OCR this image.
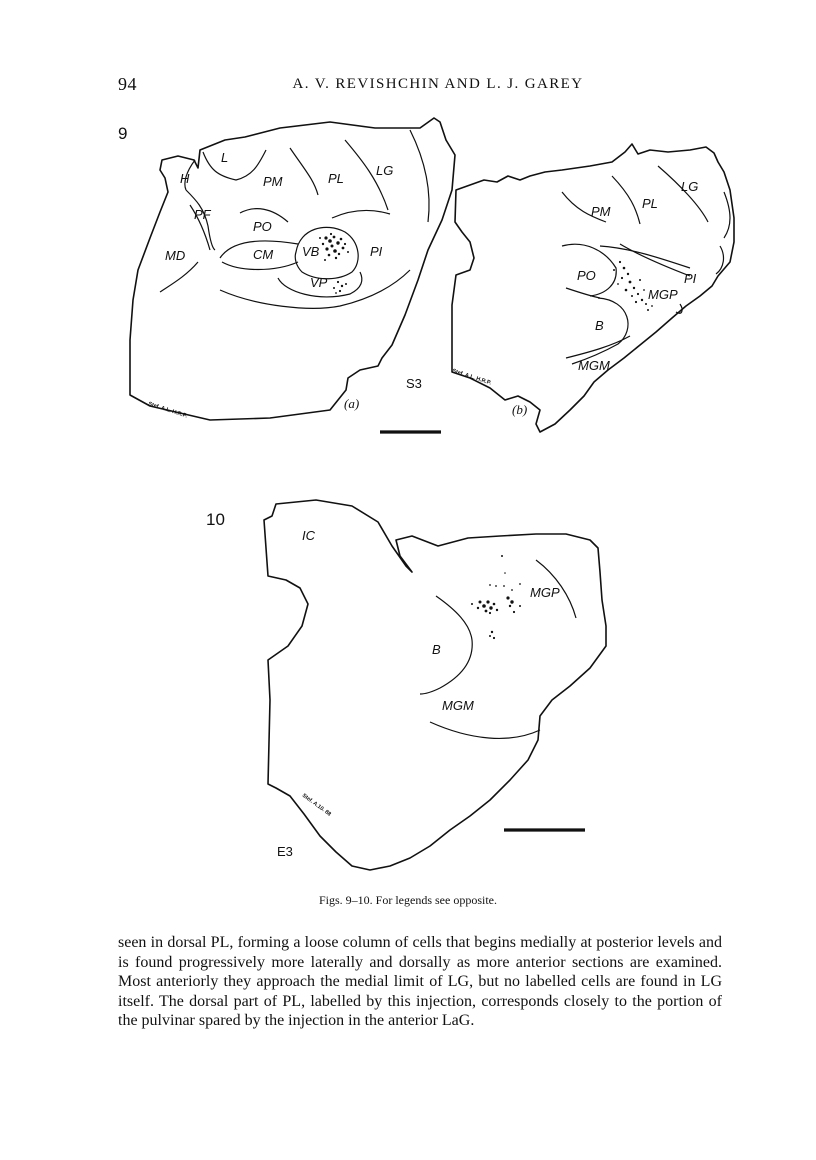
94	A. V. REVISHCHIN AND L. J. GAREY
9
L
H	PM	PL
LG
PF
PO
MD	CM VB	PI
VP
Stef. A.L. H.R.P.	(a)
S3
LG
PM
PL
PO	PI
MGP
B
MGM
Stef. A.L. H.R.P.
(b)
10
IC
MGP
B
MGM
Stef. A.10. 88
E3
Figs. 9–10. For legends see opposite.

seen in dorsal PL, forming a loose column of cells that begins medially at posterior levels and is found progressively more laterally and dorsally as more anterior sections are examined. Most anteriorly they approach the medial limit of LG, but no labelled cells are found in LG itself. The dorsal part of PL, labelled by this injection, corresponds closely to the portion of the pulvinar spared by the injection in the anterior LaG.
